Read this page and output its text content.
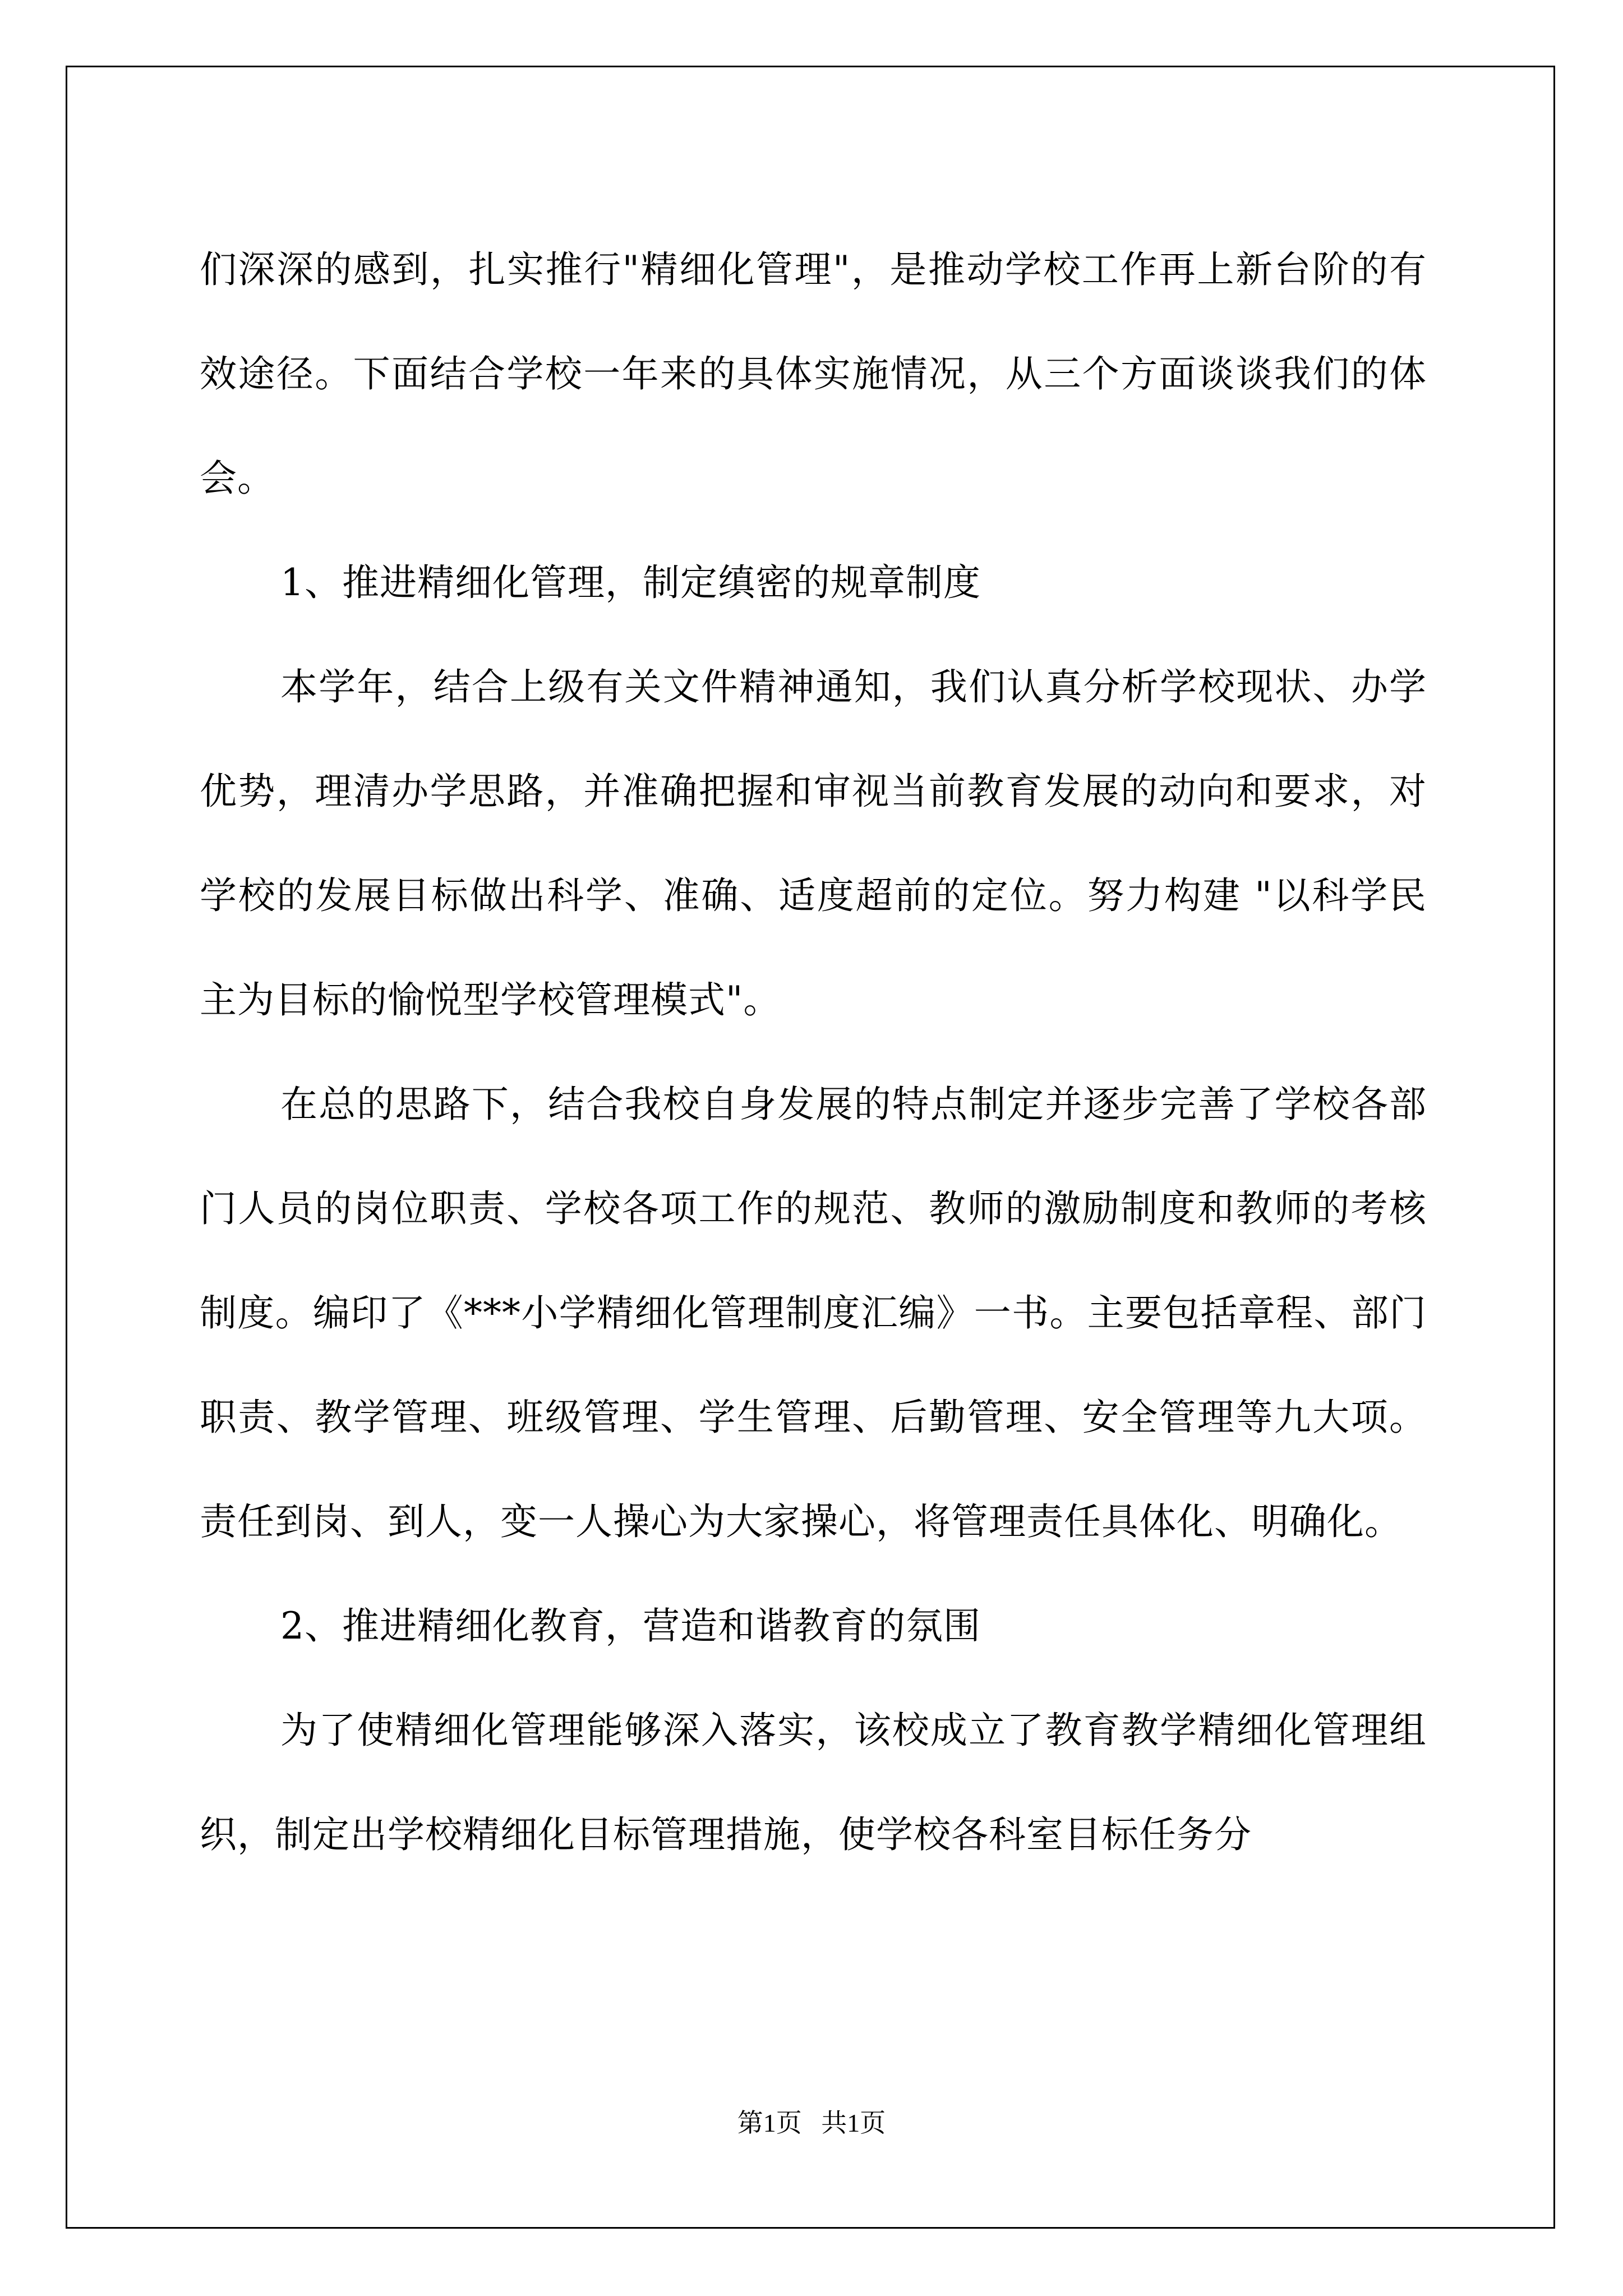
们深深的感到，扎实推行"精细化管理"，是推动学校工作再上新台阶的有效途径。下面结合学校一年来的具体实施情况，从三个方面谈谈我们的体会。

1、推进精细化管理，制定缜密的规章制度

本学年，结合上级有关文件精神通知，我们认真分析学校现状、办学优势，理清办学思路，并准确把握和审视当前教育发展的动向和要求，对学校的发展目标做出科学、准确、适度超前的定位。努力构建 "以科学民主为目标的愉悦型学校管理模式"。

在总的思路下，结合我校自身发展的特点制定并逐步完善了学校各部门人员的岗位职责、学校各项工作的规范、教师的激励制度和教师的考核制度。编印了《***小学精细化管理制度汇编》一书。主要包括章程、部门职责、教学管理、班级管理、学生管理、后勤管理、安全管理等九大项。责任到岗、到人，变一人操心为大家操心，将管理责任具体化、明确化。

2、推进精细化教育，营造和谐教育的氛围

为了使精细化管理能够深入落实，该校成立了教育教学精细化管理组织，制定出学校精细化目标管理措施，使学校各科室目标任务分

第1页 共1页
